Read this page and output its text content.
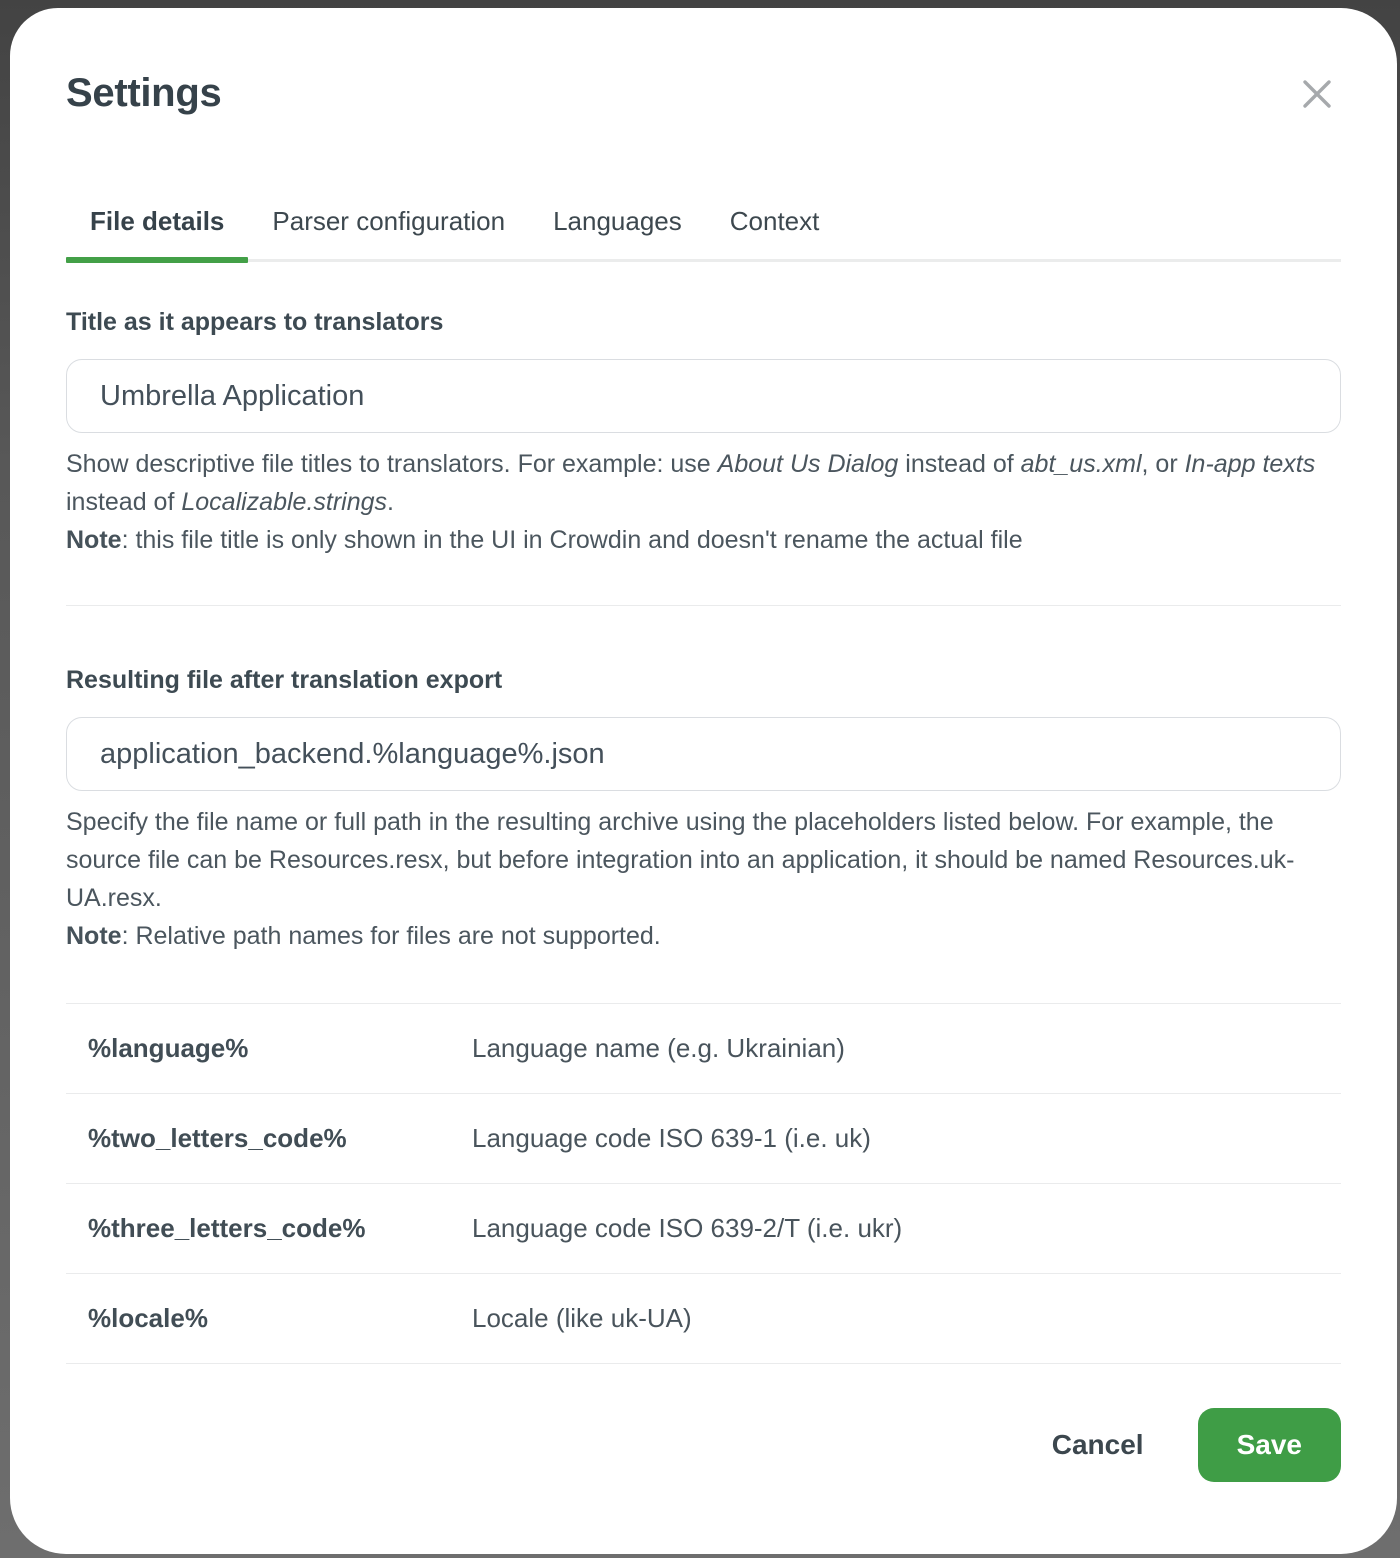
Settings
File details	Parser configuration	Languages	Context
Title as it appears to translators
Umbrella Application

Show descriptive file titles to translators. For example: use About Us Dialog instead of abt_us.xml, or In-app texts instead of Localizable.strings.
Note: this file title is only shown in the UI in Crowdin and doesn't rename the actual file

Resulting file after translation export
application_backend.%language%.json

Specify the file name or full path in the resulting archive using the placeholders listed below. For example, the source file can be Resources.resx, but before integration into an application, it should be named Resources.uk-UA.resx.
Note: Relative path names for files are not supported.

%language%	Language name (e.g. Ukrainian)
%two_letters_code%	Language code ISO 639-1 (i.e. uk)
%three_letters_code%	Language code ISO 639-2/T (i.e. ukr)
%locale%	Locale (like uk-UA)
Cancel	Save
